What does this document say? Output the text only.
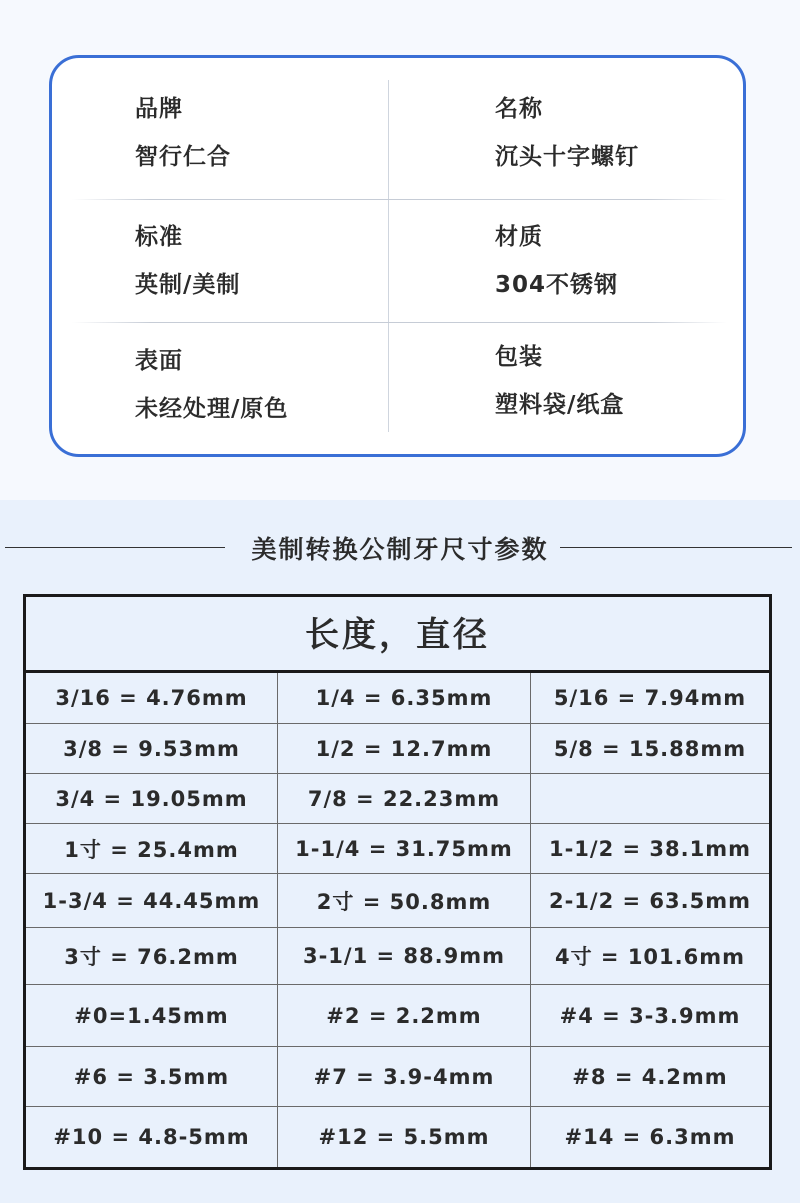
品牌
智行仁合
名称
沉头十字螺钉
标准
英制/美制
材质
304不锈钢
表面
未经处理/原色
包装
塑料袋/纸盒
美制转换公制牙尺寸参数
长度，直径
3/16 = 4.76mm	1/4 = 6.35mm	5/16 = 7.94mm
3/8 = 9.53mm	1/2 = 12.7mm	5/8 = 15.88mm
3/4 = 19.05mm	7/8 = 22.23mm
1寸 = 25.4mm	1-1/4 = 31.75mm	1-1/2 = 38.1mm
1-3/4 = 44.45mm	2寸 = 50.8mm	2-1/2 = 63.5mm
3寸 = 76.2mm	3-1/1 = 88.9mm	4寸 = 101.6mm
#0=1.45mm	#2 = 2.2mm	#4 = 3-3.9mm
#6 = 3.5mm	#7 = 3.9-4mm	#8 = 4.2mm
#10 = 4.8-5mm	#12 = 5.5mm	#14 = 6.3mm
